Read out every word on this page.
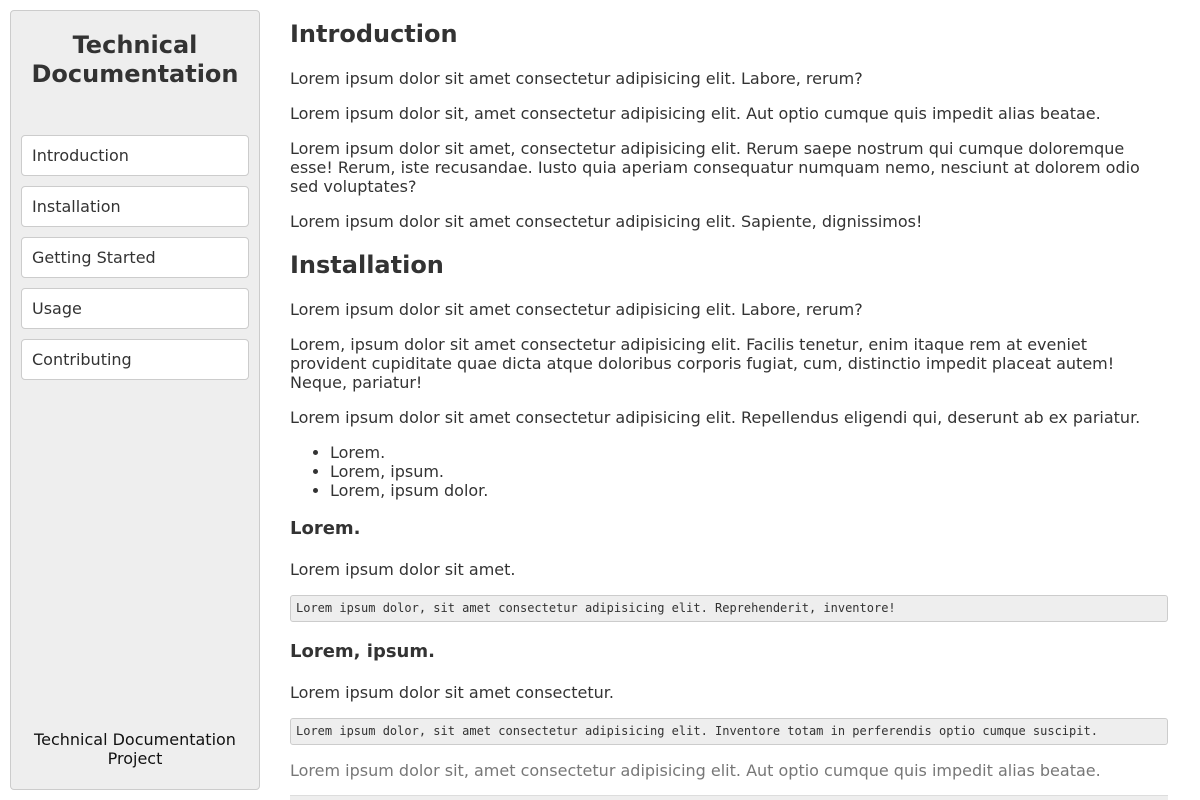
Technical Documentation
Introduction
Installation
Getting Started
Usage
Contributing
Technical Documentation Project
Introduction

Lorem ipsum dolor sit amet consectetur adipisicing elit. Labore, rerum?

Lorem ipsum dolor sit, amet consectetur adipisicing elit. Aut optio cumque quis impedit alias beatae.

Lorem ipsum dolor sit amet, consectetur adipisicing elit. Rerum saepe nostrum qui cumque doloremque esse! Rerum, iste recusandae. Iusto quia aperiam consequatur numquam nemo, nesciunt at dolorem odio sed voluptates?

Lorem ipsum dolor sit amet consectetur adipisicing elit. Sapiente, dignissimos!

Installation

Lorem ipsum dolor sit amet consectetur adipisicing elit. Labore, rerum?

Lorem, ipsum dolor sit amet consectetur adipisicing elit. Facilis tenetur, enim itaque rem at eveniet provident cupiditate quae dicta atque doloribus corporis fugiat, cum, distinctio impedit placeat autem! Neque, pariatur!

Lorem ipsum dolor sit amet consectetur adipisicing elit. Repellendus eligendi qui, deserunt ab ex pariatur.

• Lorem.
• Lorem, ipsum.
• Lorem, ipsum dolor.
Lorem.

Lorem ipsum dolor sit amet.

Lorem ipsum dolor, sit amet consectetur adipisicing elit. Reprehenderit, inventore!
Lorem, ipsum.

Lorem ipsum dolor sit amet consectetur.

Lorem ipsum dolor, sit amet consectetur adipisicing elit. Inventore totam in perferendis optio cumque suscipit.

Lorem ipsum dolor sit, amet consectetur adipisicing elit. Aut optio cumque quis impedit alias beatae.
